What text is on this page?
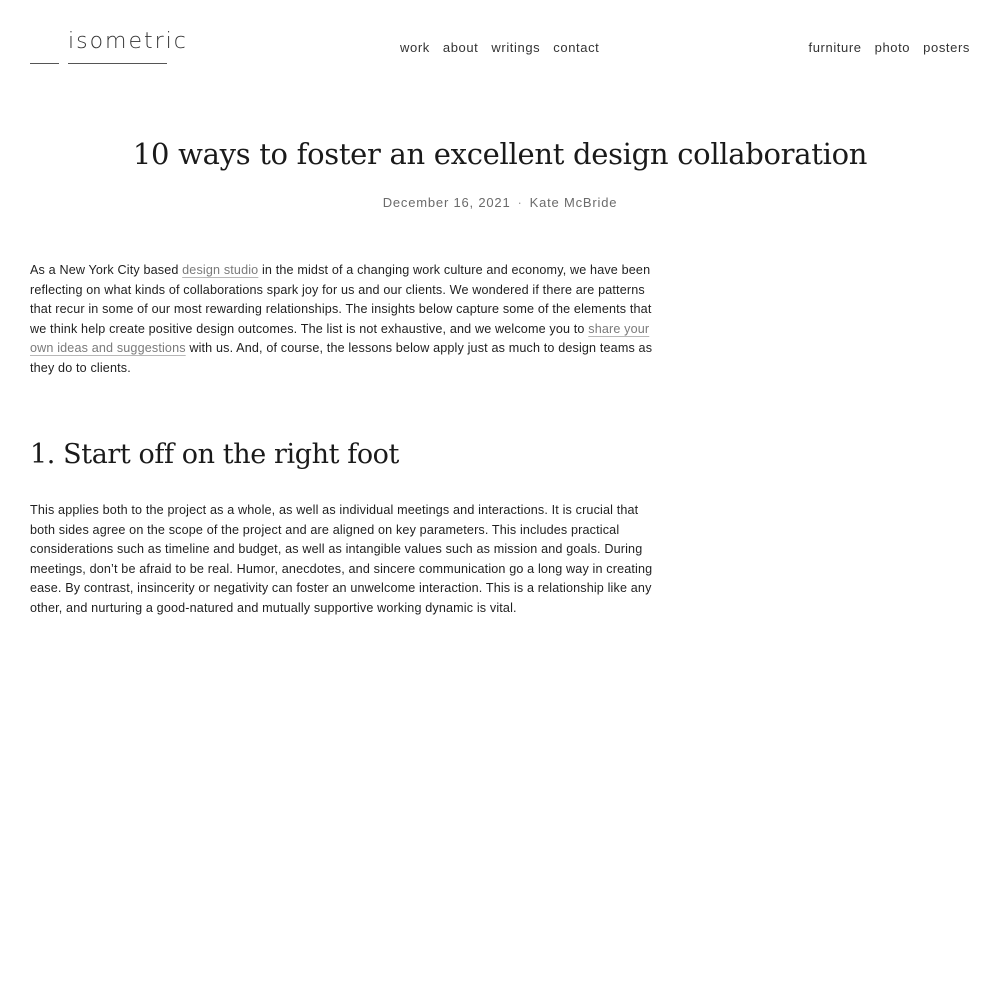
isometric	work about writings contact	furniture photo posters
10 ways to foster an excellent design collaboration
December 16, 2021 · Kate McBride

As a New York City based design studio in the midst of a changing work culture and economy, we have been reflecting on what kinds of collaborations spark joy for us and our clients. We wondered if there are patterns that recur in some of our most rewarding relationships. The insights below capture some of the elements that we think help create positive design outcomes. The list is not exhaustive, and we welcome you to share your own ideas and suggestions with us. And, of course, the lessons below apply just as much to design teams as they do to clients.

1. Start off on the right foot

This applies both to the project as a whole, as well as individual meetings and interactions. It is crucial that both sides agree on the scope of the project and are aligned on key parameters. This includes practical considerations such as timeline and budget, as well as intangible values such as mission and goals. During meetings, don’t be afraid to be real. Humor, anecdotes, and sincere communication go a long way in creating ease. By contrast, insincerity or negativity can foster an unwelcome interaction. This is a relationship like any other, and nurturing a good-natured and mutually supportive working dynamic is vital.
